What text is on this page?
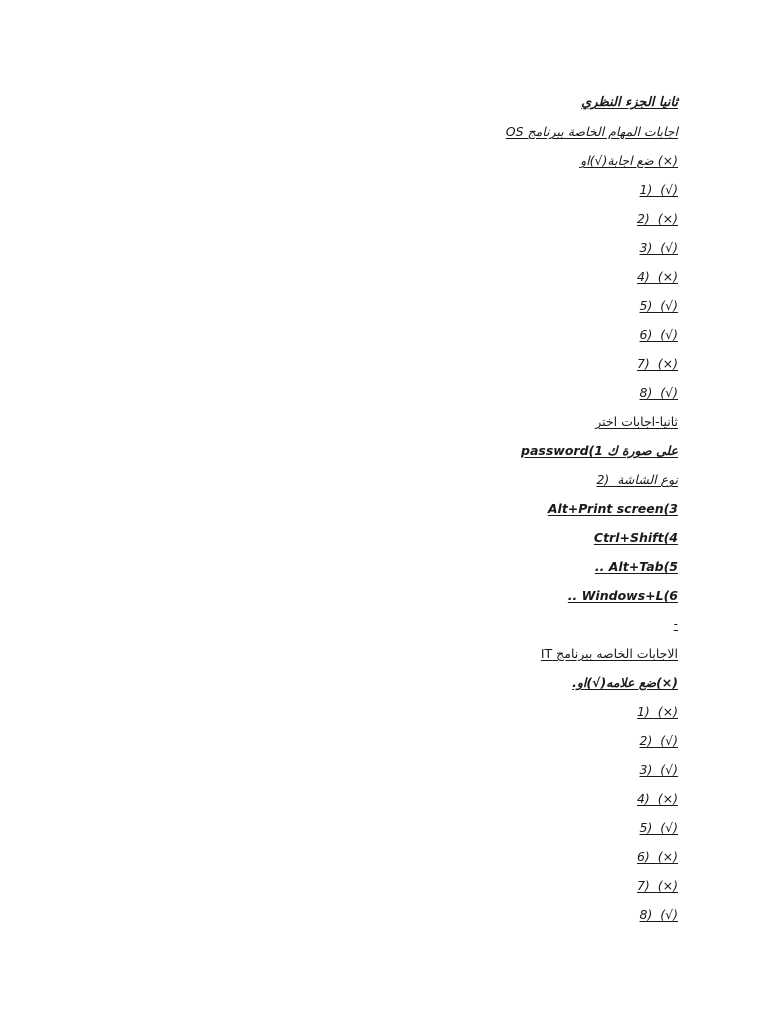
ثانيا الجزء النظري
اجابات المهام الخاصة ببرنامج OS
(×) ضع اجابة(√)او
1)  (√)
2)  (×)
3)  (√)
4)  (×)
5)  (√)
6)  (√)
7)  (×)
8)  (√)
ثانيا-اجابات اختر
password(1 على صورة ك
نوع الشاشة  (2
Alt+Print screen(3
Ctrl+Shift(4
.. Alt+Tab(5
.. Windows+L(6
-
الاجابات الخاصه ببرنامج IT
(×)ضع علامه(√)او.
1)  (×)
2)  (√)
3)  (√)
4)  (×)
5)  (√)
6)  (×)
7)  (×)
8)  (√)
